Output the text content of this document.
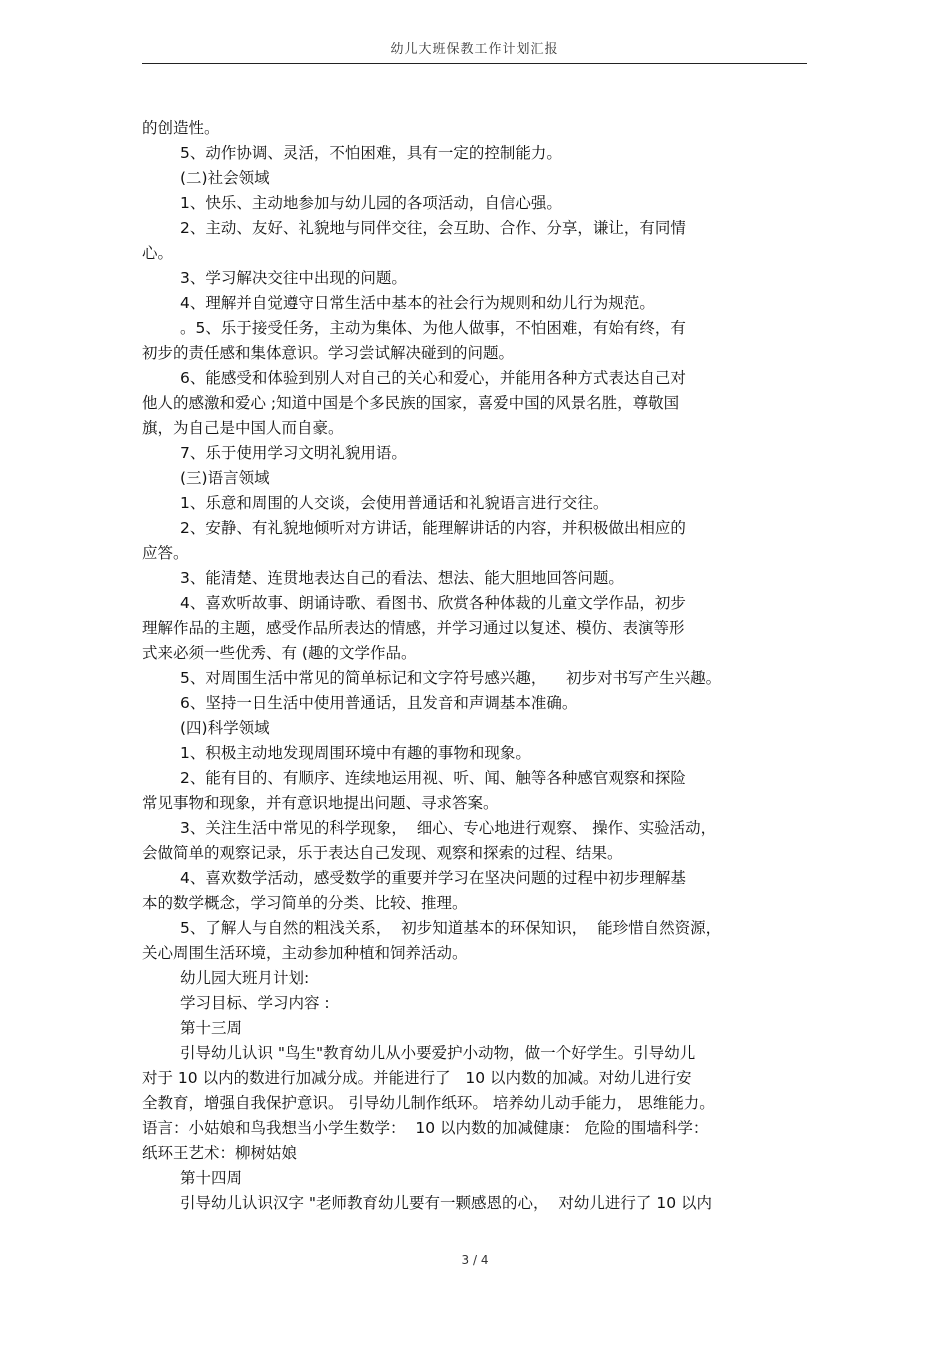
幼儿大班保教工作计划汇报
的创造性。
5、动作协调、灵活，不怕困难，具有一定的控制能力。
(二)社会领域
1、快乐、主动地参加与幼儿园的各项活动，自信心强。
2、主动、友好、礼貌地与同伴交往，会互助、合作、分享，谦让，有同情
心。
3、学习解决交往中出现的问题。
4、理解并自觉遵守日常生活中基本的社会行为规则和幼儿行为规范。
。5、乐于接受任务，主动为集体、为他人做事，不怕困难，有始有终，有
初步的责任感和集体意识。学习尝试解决碰到的问题。
6、能感受和体验到别人对自己的关心和爱心，并能用各种方式表达自己对
他人的感激和爱心 ;知道中国是个多民族的国家，喜爱中国的风景名胜，尊敬国
旗，为自己是中国人而自豪。
7、乐于使用学习文明礼貌用语。
(三)语言领域
1、乐意和周围的人交谈，会使用普通话和礼貌语言进行交往。
2、安静、有礼貌地倾听对方讲话，能理解讲话的内容，并积极做出相应的
应答。
3、能清楚、连贯地表达自己的看法、想法、能大胆地回答问题。
4、喜欢听故事、朗诵诗歌、看图书、欣赏各种体裁的儿童文学作品，初步
理解作品的主题，感受作品所表达的情感，并学习通过以复述、模仿、表演等形
式来必须一些优秀、有 (趣的文学作品。
5、对周围生活中常见的简单标记和文字符号感兴趣，    初步对书写产生兴趣。
6、坚持一日生活中使用普通话，且发音和声调基本准确。
(四)科学领域
1、积极主动地发现周围环境中有趣的事物和现象。
2、能有目的、有顺序、连续地运用视、听、闻、触等各种感官观察和探险
常见事物和现象，并有意识地提出问题、寻求答案。
3、关注生活中常见的科学现象，  细心、专心地进行观察、 操作、实验活动，
会做简单的观察记录，乐于表达自己发现、观察和探索的过程、结果。
4、喜欢数学活动，感受数学的重要并学习在坚决问题的过程中初步理解基
本的数学概念，学习简单的分类、比较、推理。
5、了解人与自然的粗浅关系，  初步知道基本的环保知识，  能珍惜自然资源，
关心周围生活环境，主动参加种植和饲养活动。
幼儿园大班月计划:
学习目标、学习内容 :
第十三周
引导幼儿认识 "鸟生"教育幼儿从小要爱护小动物，做一个好学生。引导幼儿
对于 10 以内的数进行加减分成。并能进行了   10 以内数的加减。对幼儿进行安
全教育，增强自我保护意识。 引导幼儿制作纸环。 培养幼儿动手能力， 思维能力。
语言：小姑娘和鸟我想当小学生数学：  10 以内数的加减健康： 危险的围墙科学：
纸环王艺术：柳树姑娘
第十四周
引导幼儿认识汉字 "老师教育幼儿要有一颗感恩的心，  对幼儿进行了 10 以内
3 / 4
